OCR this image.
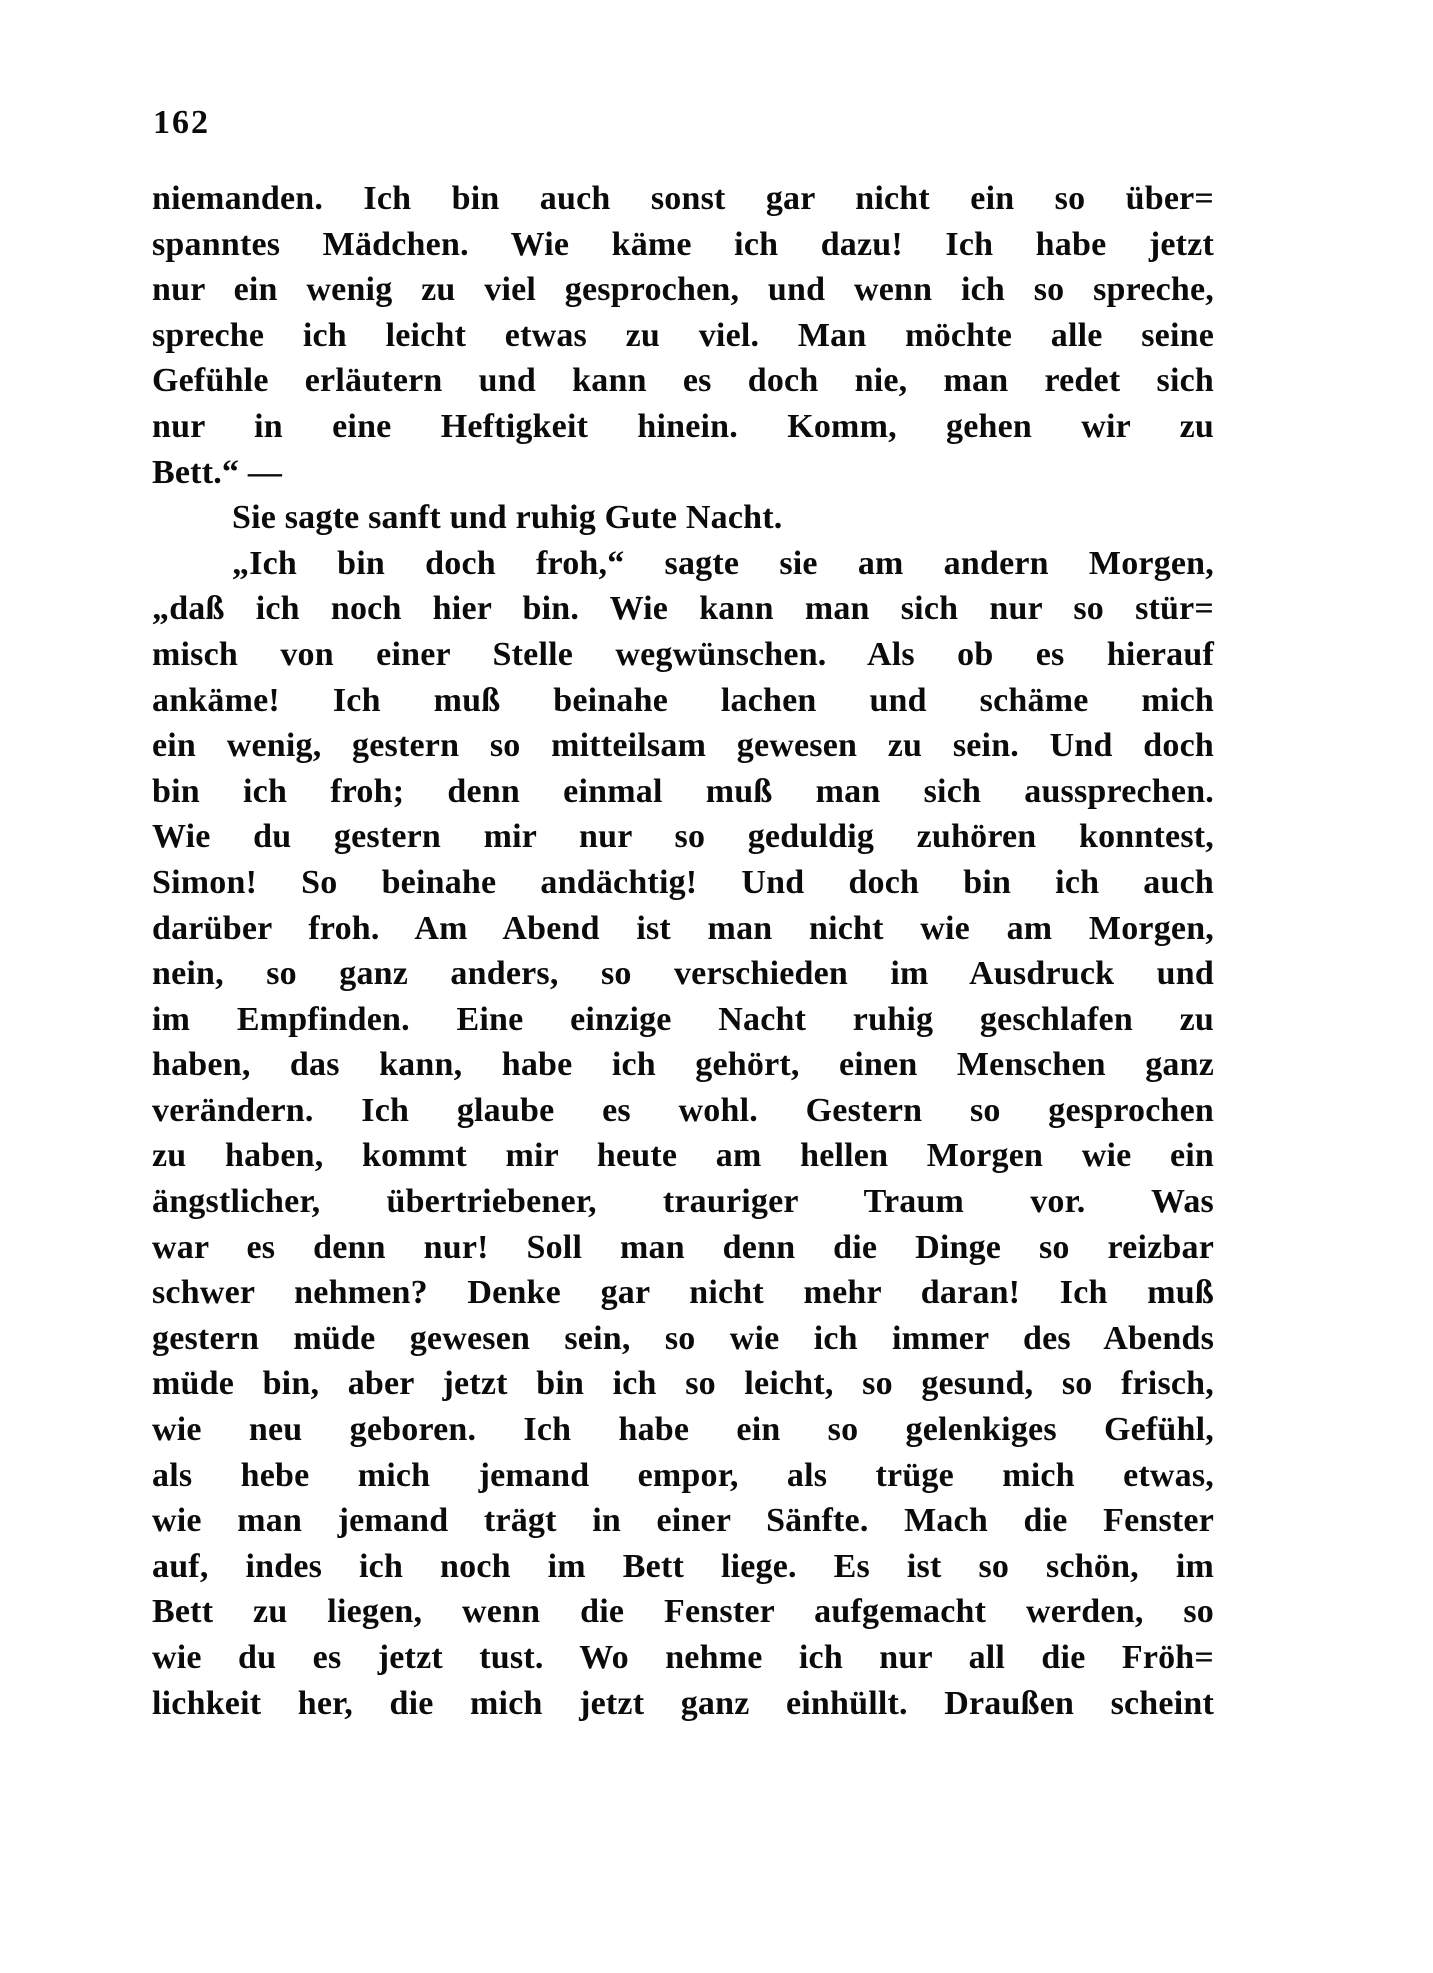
162
niemanden. Ich bin auch sonst gar nicht ein so über=
spanntes Mädchen. Wie käme ich dazu! Ich habe jetzt
nur ein wenig zu viel gesprochen, und wenn ich so spreche,
spreche ich leicht etwas zu viel. Man möchte alle seine
Gefühle erläutern und kann es doch nie, man redet sich
nur in eine Heftigkeit hinein. Komm, gehen wir zu
Bett.“ —
Sie sagte sanft und ruhig Gute Nacht.
„Ich bin doch froh,“ sagte sie am andern Morgen,
„daß ich noch hier bin. Wie kann man sich nur so stür=
misch von einer Stelle wegwünschen. Als ob es hierauf
ankäme! Ich muß beinahe lachen und schäme mich
ein wenig, gestern so mitteilsam gewesen zu sein. Und doch
bin ich froh; denn einmal muß man sich aussprechen.
Wie du gestern mir nur so geduldig zuhören konntest,
Simon! So beinahe andächtig! Und doch bin ich auch
darüber froh. Am Abend ist man nicht wie am Morgen,
nein, so ganz anders, so verschieden im Ausdruck und
im Empfinden. Eine einzige Nacht ruhig geschlafen zu
haben, das kann, habe ich gehört, einen Menschen ganz
verändern. Ich glaube es wohl. Gestern so gesprochen
zu haben, kommt mir heute am hellen Morgen wie ein
ängstlicher, übertriebener, trauriger Traum vor. Was
war es denn nur! Soll man denn die Dinge so reizbar
schwer nehmen? Denke gar nicht mehr daran! Ich muß
gestern müde gewesen sein, so wie ich immer des Abends
müde bin, aber jetzt bin ich so leicht, so gesund, so frisch,
wie neu geboren. Ich habe ein so gelenkiges Gefühl,
als hebe mich jemand empor, als trüge mich etwas,
wie man jemand trägt in einer Sänfte. Mach die Fenster
auf, indes ich noch im Bett liege. Es ist so schön, im
Bett zu liegen, wenn die Fenster aufgemacht werden, so
wie du es jetzt tust. Wo nehme ich nur all die Fröh=
lichkeit her, die mich jetzt ganz einhüllt. Draußen scheint
